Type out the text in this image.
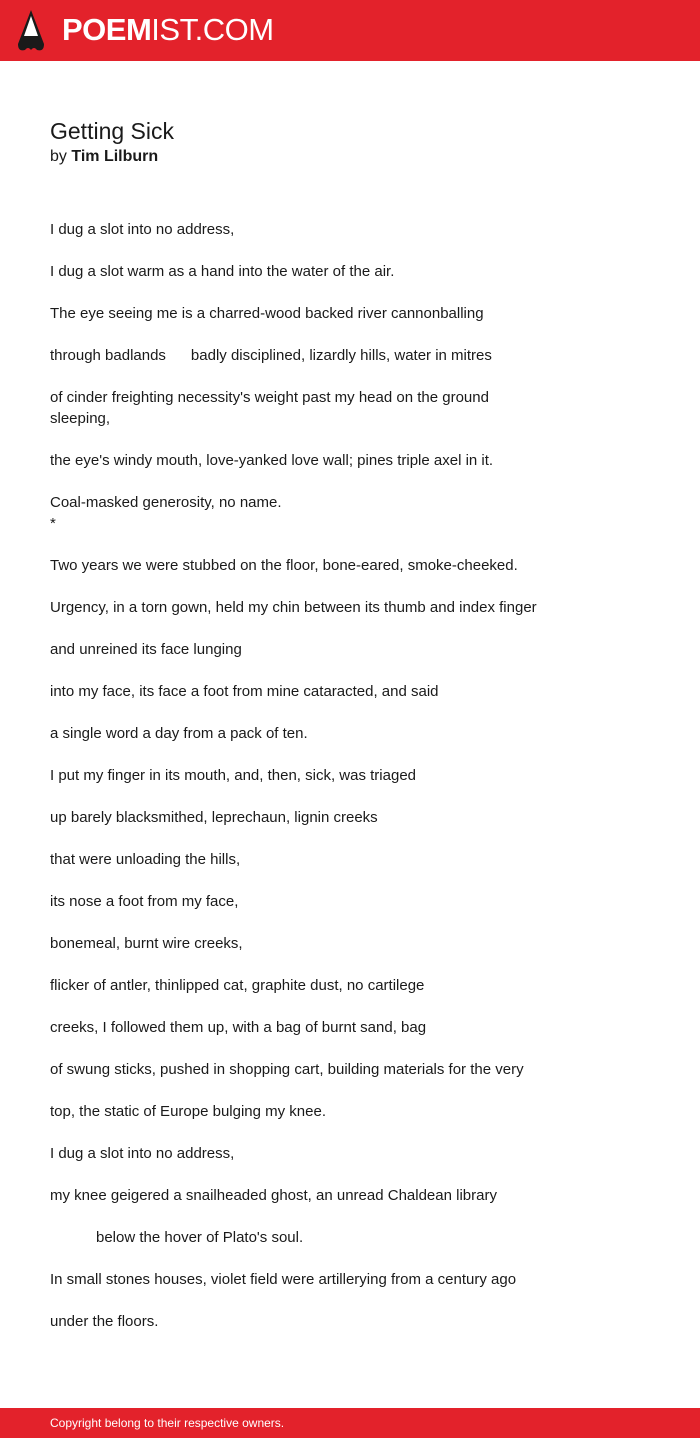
POEMIST.COM
Getting Sick

by Tim Lilburn

I dug a slot into no address,
I dug a slot warm as a hand into the water of the air.
The eye seeing me is a charred-wood backed river cannonballing
through badlands      badly disciplined, lizardly hills, water in mitres
of cinder freighting necessity's weight past my head on the ground sleeping,
the eye's windy mouth, love-yanked love wall; pines triple axel in it.
Coal-masked generosity, no name.
*
Two years we were stubbed on the floor, bone-eared, smoke-cheeked.
Urgency, in a torn gown, held my chin between its thumb and index finger
and unreined its face lunging
into my face, its face a foot from mine cataracted, and said
a single word a day from a pack of ten.
I put my finger in its mouth, and, then, sick, was triaged
up barely blacksmithed, leprechaun, lignin creeks
that were unloading the hills,
its nose a foot from my face,
bonemeal, burnt wire creeks,
flicker of antler, thinlipped cat, graphite dust, no cartilege
creeks, I followed them up, with a bag of burnt sand, bag
of swung sticks, pushed in shopping cart, building materials for the very
top, the static of Europe bulging my knee.
I dug a slot into no address,
my knee geigered a snailheaded ghost, an unread Chaldean library
below the hover of Plato's soul.
In small stones houses, violet field were artillerying from a century ago
under the floors.
Copyright belong to their respective owners.
